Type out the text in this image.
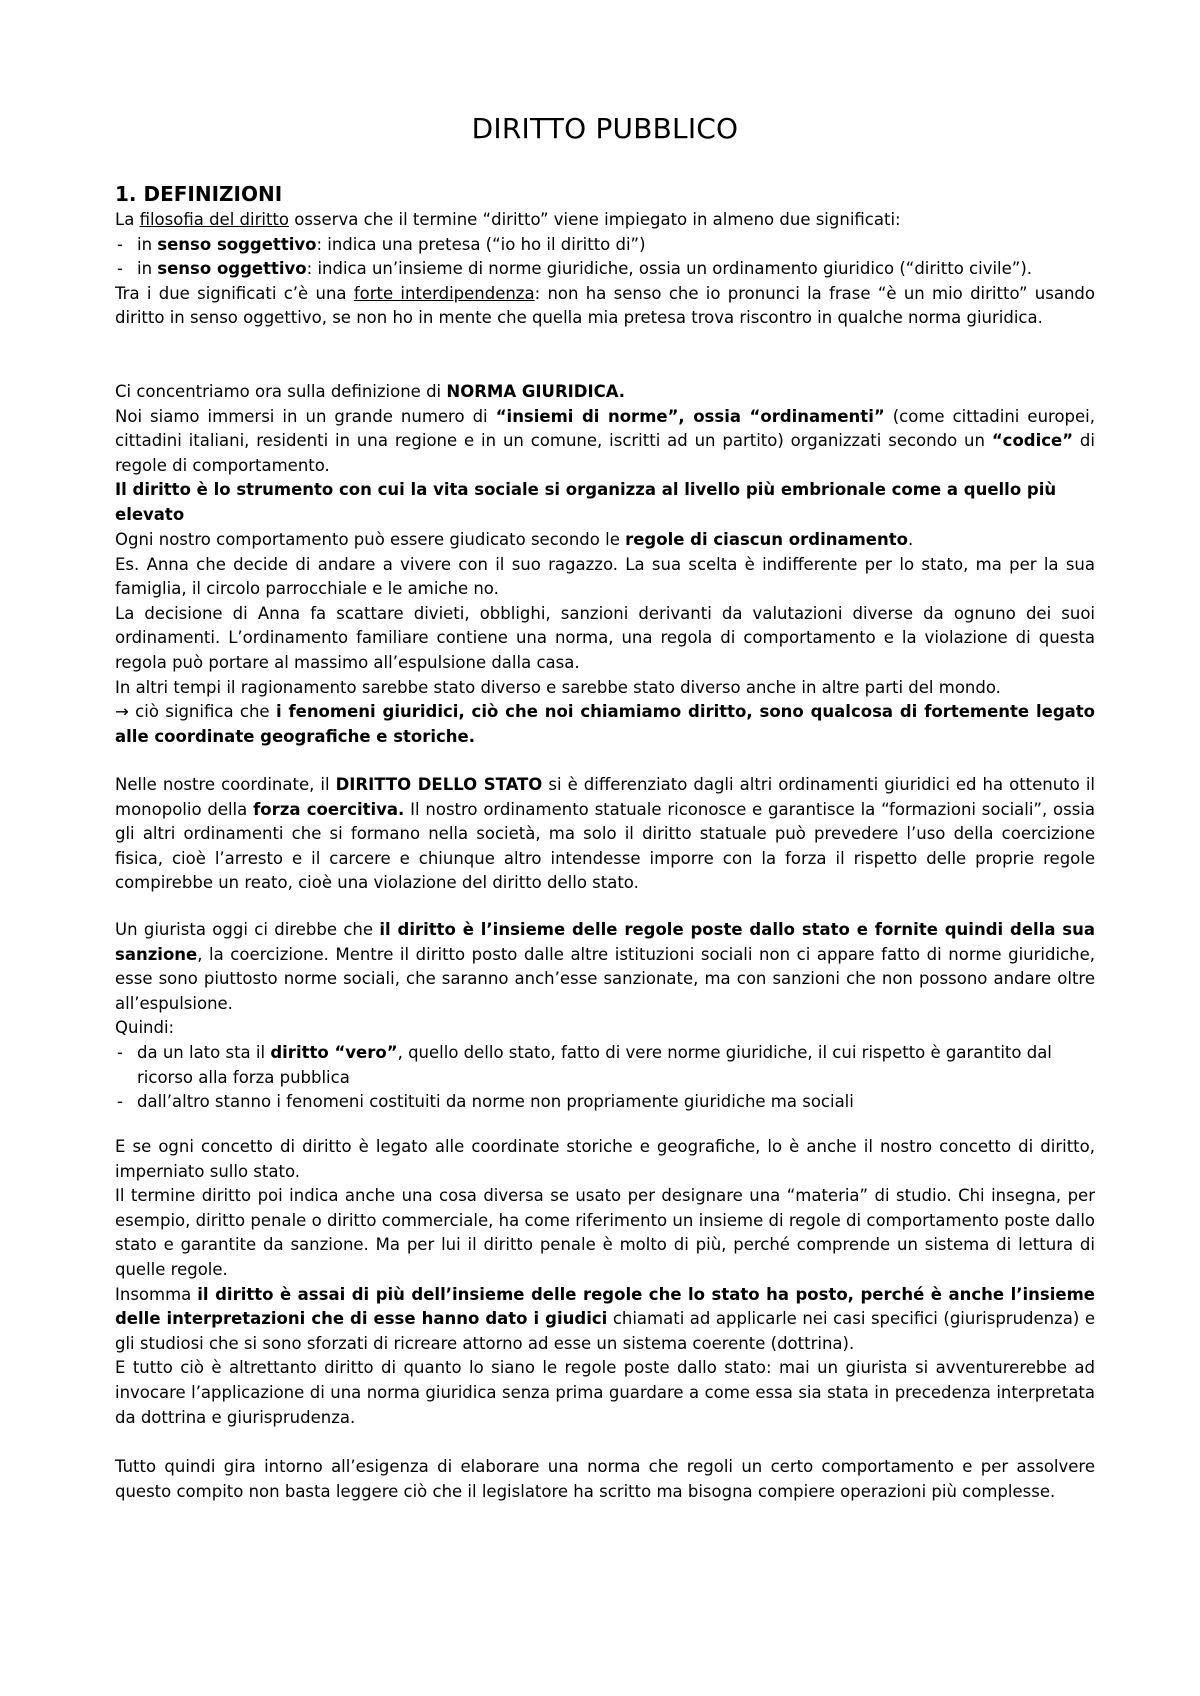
DIRITTO PUBBLICO
1. DEFINIZIONI

La filosofia del diritto osserva che il termine “diritto” viene impiegato in almeno due significati:

- in senso soggettivo: indica una pretesa (“io ho il diritto di”)
- in senso oggettivo: indica un’insieme di norme giuridiche, ossia un ordinamento giuridico (“diritto civile”).

Tra i due significati c’è una forte interdipendenza: non ha senso che io pronunci la frase “è un mio diritto” usando diritto in senso oggettivo, se non ho in mente che quella mia pretesa trova riscontro in qualche norma giuridica.

Ci concentriamo ora sulla definizione di NORMA GIURIDICA.

Noi siamo immersi in un grande numero di “insiemi di norme”, ossia “ordinamenti” (come cittadini europei, cittadini italiani, residenti in una regione e in un comune, iscritti ad un partito) organizzati secondo un “codice” di regole di comportamento.

Il diritto è lo strumento con cui la vita sociale si organizza al livello più embrionale come a quello più elevato

Ogni nostro comportamento può essere giudicato secondo le regole di ciascun ordinamento.

Es. Anna che decide di andare a vivere con il suo ragazzo. La sua scelta è indifferente per lo stato, ma per la sua famiglia, il circolo parrocchiale e le amiche no.

La decisione di Anna fa scattare divieti, obblighi, sanzioni derivanti da valutazioni diverse da ognuno dei suoi ordinamenti. L’ordinamento familiare contiene una norma, una regola di comportamento e la violazione di questa regola può portare al massimo all’espulsione dalla casa.

In altri tempi il ragionamento sarebbe stato diverso e sarebbe stato diverso anche in altre parti del mondo.

→ ciò significa che i fenomeni giuridici, ciò che noi chiamiamo diritto, sono qualcosa di fortemente legato alle coordinate geografiche e storiche.

Nelle nostre coordinate, il DIRITTO DELLO STATO si è differenziato dagli altri ordinamenti giuridici ed ha ottenuto il monopolio della forza coercitiva. Il nostro ordinamento statuale riconosce e garantisce la “formazioni sociali”, ossia gli altri ordinamenti che si formano nella società, ma solo il diritto statuale può prevedere l’uso della coercizione fisica, cioè l’arresto e il carcere e chiunque altro intendesse imporre con la forza il rispetto delle proprie regole compirebbe un reato, cioè una violazione del diritto dello stato.

Un giurista oggi ci direbbe che il diritto è l’insieme delle regole poste dallo stato e fornite quindi della sua sanzione, la coercizione. Mentre il diritto posto dalle altre istituzioni sociali non ci appare fatto di norme giuridiche, esse sono piuttosto norme sociali, che saranno anch’esse sanzionate, ma con sanzioni che non possono andare oltre all’espulsione.

Quindi:

- da un lato sta il diritto “vero”, quello dello stato, fatto di vere norme giuridiche, il cui rispetto è garantito dal ricorso alla forza pubblica
- dall’altro stanno i fenomeni costituiti da norme non propriamente giuridiche ma sociali

E se ogni concetto di diritto è legato alle coordinate storiche e geografiche, lo è anche il nostro concetto di diritto, imperniato sullo stato.

Il termine diritto poi indica anche una cosa diversa se usato per designare una “materia” di studio. Chi insegna, per esempio, diritto penale o diritto commerciale, ha come riferimento un insieme di regole di comportamento poste dallo stato e garantite da sanzione. Ma per lui il diritto penale è molto di più, perché comprende un sistema di lettura di quelle regole.

Insomma il diritto è assai di più dell’insieme delle regole che lo stato ha posto, perché è anche l’insieme delle interpretazioni che di esse hanno dato i giudici chiamati ad applicarle nei casi specifici (giurisprudenza) e gli studiosi che si sono sforzati di ricreare attorno ad esse un sistema coerente (dottrina).

E tutto ciò è altrettanto diritto di quanto lo siano le regole poste dallo stato: mai un giurista si avventurerebbe ad invocare l’applicazione di una norma giuridica senza prima guardare a come essa sia stata in precedenza interpretata da dottrina e giurisprudenza.

Tutto quindi gira intorno all’esigenza di elaborare una norma che regoli un certo comportamento e per assolvere questo compito non basta leggere ciò che il legislatore ha scritto ma bisogna compiere operazioni più complesse.
